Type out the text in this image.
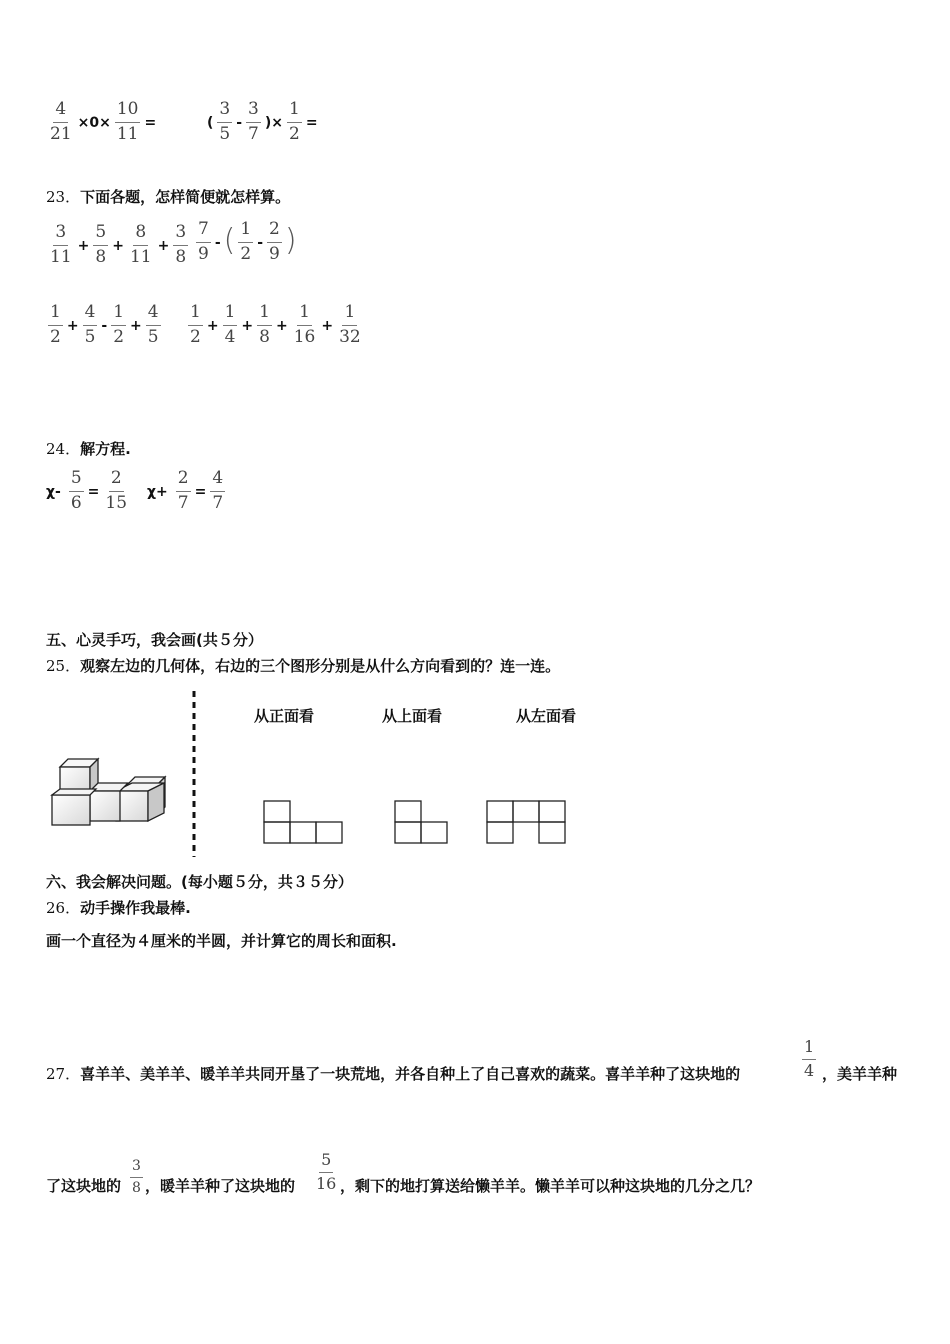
$\frac{4}{21} \times 0\times \frac{10}{11}$ =	( $\frac{3}{5} - \frac{3}{7}$ )× $\frac{1}{2}$ =
23．下面各题，怎样简便就怎样算。
$\frac{3}{11} + \frac{5}{8} + \frac{8}{11} + \frac{3}{8} \frac{7}{9}$ - ( $\frac{1}{2} - \frac{2}{9}$ )
$\frac{1}{2} + \frac{4}{5} - \frac{1}{2} + \frac{4}{5} \frac{1}{2} + \frac{1}{4} + \frac{1}{8} + \frac{1}{16} + \frac{1}{32}$
24．解方程.
$\chi- \frac{5}{6} = \frac{2}{15} \chi+ \frac{2}{7} = \frac{4}{7}$
五、心灵手巧，我会画(共５分）
25．观察左边的几何体，右边的三个图形分别是从什么方向看到的？连一连。
从正面看	从上面看	从左面看
六、我会解决问题。(每小题５分，共３５分）
26．动手操作我最棒.
画一个直径为４厘米的半圆，并计算它的周长和面积.
27．喜羊羊、美羊羊、暖羊羊共同开垦了一块荒地，并各自种上了自己喜欢的蔬菜。喜羊羊种了这块地的	$\frac{1}{4}$ ，美羊羊种
了这块地的 $\frac{3}{8}$ ，暖羊羊种了这块地的 $\frac{5}{16}$ ，剩下的地打算送给懒羊羊。懒羊羊可以种这块地的几分之几？
